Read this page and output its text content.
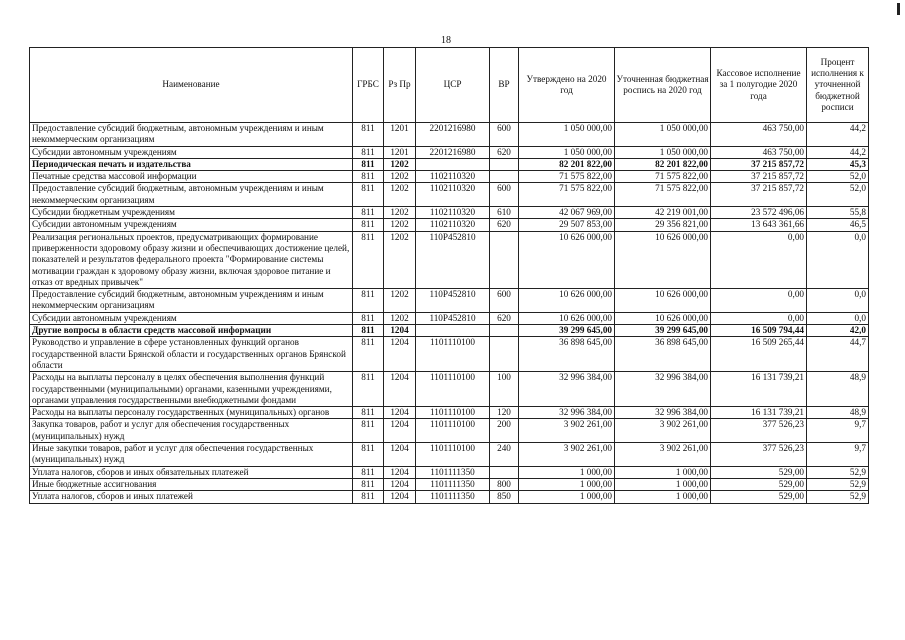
18
Наименование	ГРБС	Рз Пр	ЦСР	ВР	Утверждено на 2020 год	Уточненная бюджетная роспись на 2020 год	Кассовое исполнение за 1 полугодие 2020 года	Процент исполнения к уточненной бюджетной росписи
Предоставление субсидий бюджетным, автономным учреждениям и иным некоммерческим организациям	811	1201	2201216980	600	1 050 000,00	1 050 000,00	463 750,00	44,2
Субсидии автономным учреждениям	811	1201	2201216980	620	1 050 000,00	1 050 000,00	463 750,00	44,2
Периодическая печать и издательства	811	1202			82 201 822,00	82 201 822,00	37 215 857,72	45,3
Печатные средства массовой информации	811	1202	1102110320		71 575 822,00	71 575 822,00	37 215 857,72	52,0
Предоставление субсидий бюджетным, автономным учреждениям и иным некоммерческим организациям	811	1202	1102110320	600	71 575 822,00	71 575 822,00	37 215 857,72	52,0
Субсидии бюджетным учреждениям	811	1202	1102110320	610	42 067 969,00	42 219 001,00	23 572 496,06	55,8
Субсидии автономным учреждениям	811	1202	1102110320	620	29 507 853,00	29 356 821,00	13 643 361,66	46,5
Реализация региональных проектов, предусматривающих формирование приверженности здоровому образу жизни и обеспечивающих достижение целей, показателей и результатов федерального проекта "Формирование системы мотивации граждан к здоровому образу жизни, включая здоровое питание и отказ от вредных привычек"	811	1202	110P452810		10 626 000,00	10 626 000,00	0,00	0,0
Предоставление субсидий бюджетным, автономным учреждениям и иным некоммерческим организациям	811	1202	110P452810	600	10 626 000,00	10 626 000,00	0,00	0,0
Субсидии автономным учреждениям	811	1202	110P452810	620	10 626 000,00	10 626 000,00	0,00	0,0
Другие вопросы в области средств массовой информации	811	1204			39 299 645,00	39 299 645,00	16 509 794,44	42,0
Руководство и управление в сфере установленных функций органов государственной власти Брянской области и государственных органов Брянской области	811	1204	1101110100		36 898 645,00	36 898 645,00	16 509 265,44	44,7
Расходы на выплаты персоналу в целях обеспечения выполнения функций государственными (муниципальными) органами, казенными учреждениями, органами управления государственными внебюджетными фондами	811	1204	1101110100	100	32 996 384,00	32 996 384,00	16 131 739,21	48,9
Расходы на выплаты персоналу государственных (муниципальных) органов	811	1204	1101110100	120	32 996 384,00	32 996 384,00	16 131 739,21	48,9
Закупка товаров, работ и услуг для обеспечения государственных (муниципальных) нужд	811	1204	1101110100	200	3 902 261,00	3 902 261,00	377 526,23	9,7
Иные закупки товаров, работ и услуг для обеспечения государственных (муниципальных) нужд	811	1204	1101110100	240	3 902 261,00	3 902 261,00	377 526,23	9,7
Уплата налогов, сборов и иных обязательных платежей	811	1204	1101111350		1 000,00	1 000,00	529,00	52,9
Иные бюджетные ассигнования	811	1204	1101111350	800	1 000,00	1 000,00	529,00	52,9
Уплата налогов, сборов и иных платежей	811	1204	1101111350	850	1 000,00	1 000,00	529,00	52,9
